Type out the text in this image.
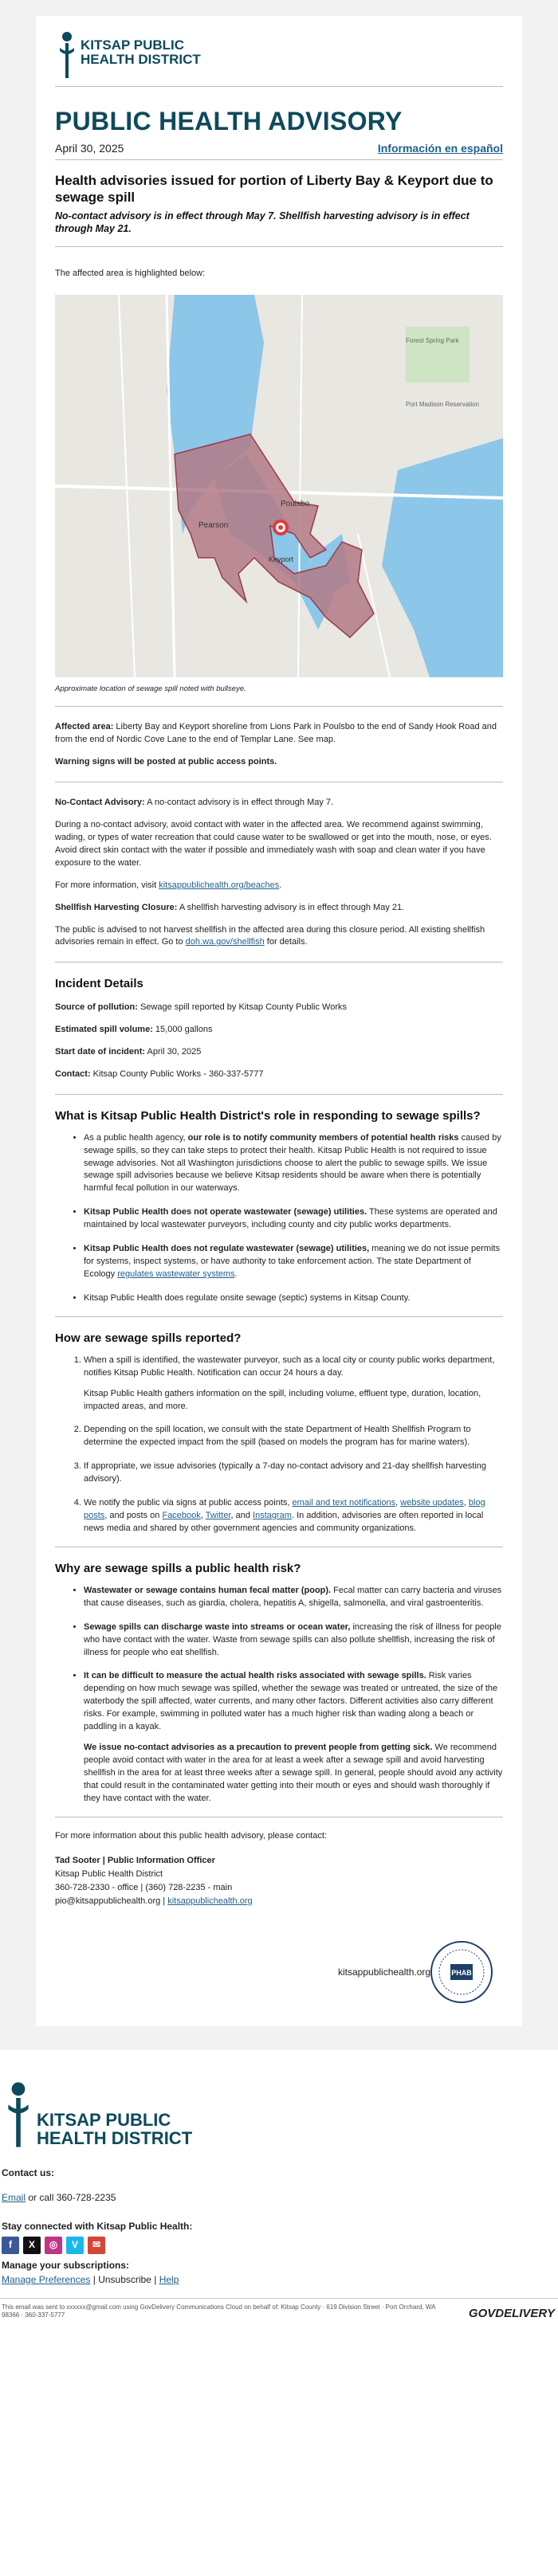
KITSAP PUBLIC
HEALTH DISTRICT
PUBLIC HEALTH ADVISORY
April 30, 2025	Información en español
Health advisories issued for portion of Liberty Bay & Keyport due to sewage spill
No-contact advisory is in effect through May 7. Shellfish harvesting advisory is in effect through May 21.

The affected area is highlighted below:

Poulsbo
Pearson
Keyport
Forest Spring Park
Port Madison Reservation
Approximate location of sewage spill noted with bullseye.

Affected area: Liberty Bay and Keyport shoreline from Lions Park in Poulsbo to the end of Sandy Hook Road and from the end of Nordic Cove Lane to the end of Templar Lane. See map.

Warning signs will be posted at public access points.

No-Contact Advisory: A no-contact advisory is in effect through May 7.

During a no-contact advisory, avoid contact with water in the affected area. We recommend against swimming, wading, or types of water recreation that could cause water to be swallowed or get into the mouth, nose, or eyes. Avoid direct skin contact with the water if possible and immediately wash with soap and clean water if you have exposure to the water.

For more information, visit kitsappublichealth.org/beaches.

Shellfish Harvesting Closure: A shellfish harvesting advisory is in effect through May 21.

The public is advised to not harvest shellfish in the affected area during this closure period. All existing shellfish advisories remain in effect. Go to doh.wa.gov/shellfish for details.

Incident Details

Source of pollution: Sewage spill reported by Kitsap County Public Works

Estimated spill volume: 15,000 gallons

Start date of incident: April 30, 2025

Contact: Kitsap County Public Works - 360-337-5777

What is Kitsap Public Health District's role in responding to sewage spills?
• As a public health agency, our role is to notify community members of potential health risks caused by sewage spills, so they can take steps to protect their health. Kitsap Public Health is not required to issue sewage advisories. Not all Washington jurisdictions choose to alert the public to sewage spills. We issue sewage spill advisories because we believe Kitsap residents should be aware when there is potentially harmful fecal pollution in our waterways.
• Kitsap Public Health does not operate wastewater (sewage) utilities. These systems are operated and maintained by local wastewater purveyors, including county and city public works departments.
• Kitsap Public Health does not regulate wastewater (sewage) utilities, meaning we do not issue permits for systems, inspect systems, or have authority to take enforcement action. The state Department of Ecology regulates wastewater systems.
• Kitsap Public Health does regulate onsite sewage (septic) systems in Kitsap County.
How are sewage spills reported?
1. When a spill is identified, the wastewater purveyor, such as a local city or county public works department, notifies Kitsap Public Health. Notification can occur 24 hours a day.

Kitsap Public Health gathers information on the spill, including volume, effluent type, duration, location, impacted areas, and more.

2. Depending on the spill location, we consult with the state Department of Health Shellfish Program to determine the expected impact from the spill (based on models the program has for marine waters).
3. If appropriate, we issue advisories (typically a 7-day no-contact advisory and 21-day shellfish harvesting advisory).
4. We notify the public via signs at public access points, email and text notifications, website updates, blog posts, and posts on Facebook, Twitter, and Instagram. In addition, advisories are often reported in local news media and shared by other government agencies and community organizations.
Why are sewage spills a public health risk?
• Wastewater or sewage contains human fecal matter (poop). Fecal matter can carry bacteria and viruses that cause diseases, such as giardia, cholera, hepatitis A, shigella, salmonella, and viral gastroenteritis.
• Sewage spills can discharge waste into streams or ocean water, increasing the risk of illness for people who have contact with the water. Waste from sewage spills can also pollute shellfish, increasing the risk of illness for people who eat shellfish.
• It can be difficult to measure the actual health risks associated with sewage spills. Risk varies depending on how much sewage was spilled, whether the sewage was treated or untreated, the size of the waterbody the spill affected, water currents, and many other factors. Different activities also carry different risks. For example, swimming in polluted water has a much higher risk than wading along a beach or paddling in a kayak.

We issue no-contact advisories as a precaution to prevent people from getting sick. We recommend people avoid contact with water in the area for at least a week after a sewage spill and avoid harvesting shellfish in the area for at least three weeks after a sewage spill. In general, people should avoid any activity that could result in the contaminated water getting into their mouth or eyes and should wash thoroughly if they have contact with the water.

For more information about this public health advisory, please contact:

Tad Sooter | Public Information Officer
Kitsap Public Health District
360-728-2330 - office | (360) 728-2235 - main
pio@kitsappublichealth.org | kitsappublichealth.org
kitsappublichealth.org	PHAB
KITSAP PUBLIC
HEALTH DISTRICT
Contact us:
Email or call 360-728-2235
Stay connected with Kitsap Public Health:
f	X	◎	V	✉
Manage your subscriptions:
Manage Preferences | Unsubscribe | Help
This email was sent to xxxxxx@gmail.com using GovDelivery Communications Cloud on behalf of: Kitsap County · 619 Division Street · Port Orchard, WA 98366 · 360-337-5777	GOVDELIVERY
